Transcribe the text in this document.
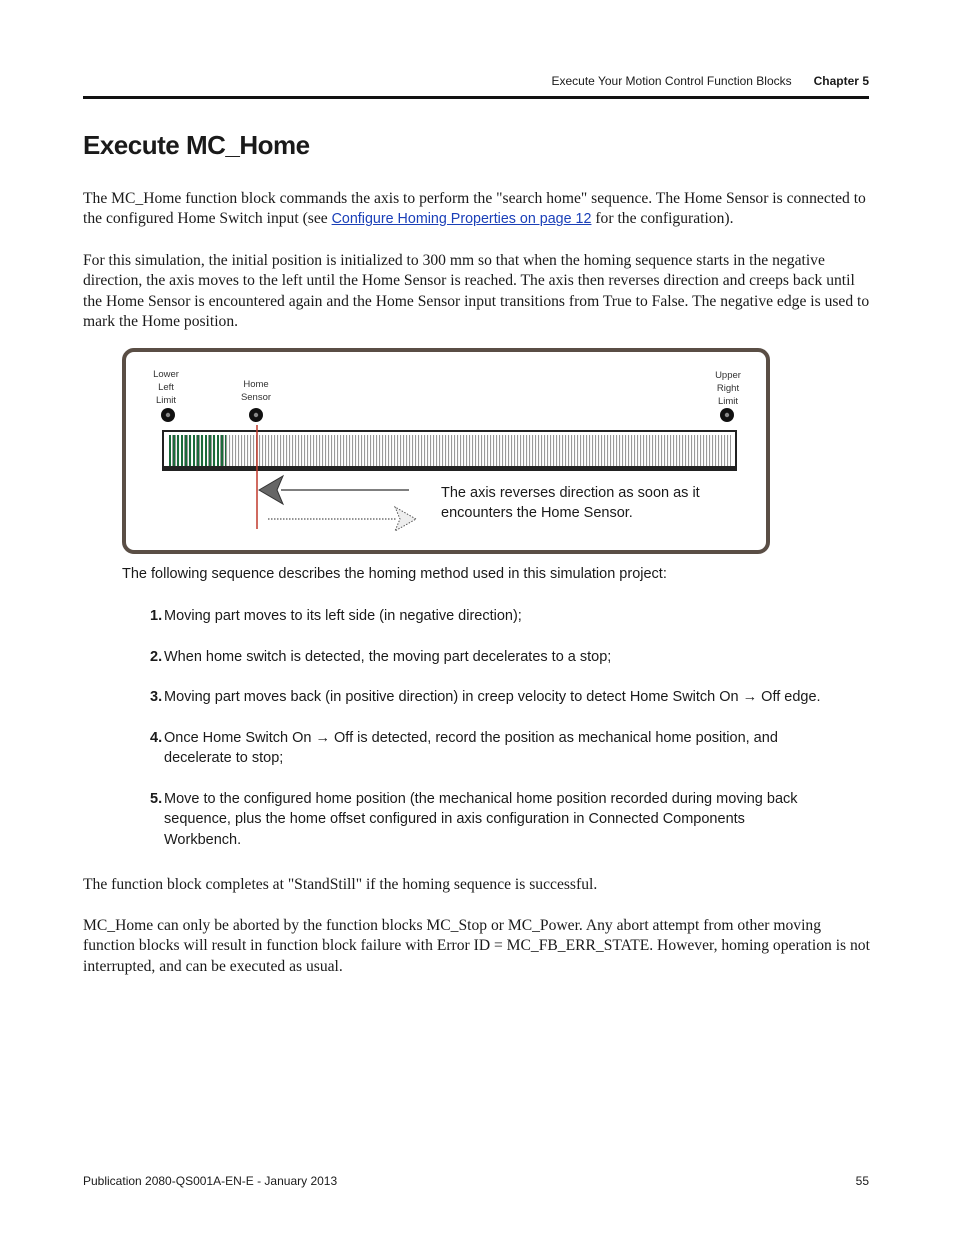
Execute Your Motion Control Function Blocks Chapter 5
Execute MC_Home
The MC_Home function block commands the axis to perform the "search home" sequence. The Home Sensor is connected to the configured Home Switch input (see Configure Homing Properties on page 12 for the configuration).
For this simulation, the initial position is initialized to 300 mm so that when the homing sequence starts in the negative direction, the axis moves to the left until the Home Sensor is reached. The axis then reverses direction and creeps back until the Home Sensor is encountered again and the Home Sensor input transitions from True to False. The negative edge is used to mark the Home position.
Lower
Left
Limit
Home
Sensor
Upper
Right
Limit
The axis reverses direction as soon as it
encounters the Home Sensor.
The following sequence describes the homing method used in this simulation project:
1. Moving part moves to its left side (in negative direction);
2. When home switch is detected, the moving part decelerates to a stop;
3. Moving part moves back (in positive direction) in creep velocity to detect Home Switch On → Off edge.
4. Once Home Switch On → Off is detected, record the position as mechanical home position, and decelerate to stop;
5. Move to the configured home position (the mechanical home position recorded during moving back sequence, plus the home offset configured in axis configuration in Connected Components Workbench.
The function block completes at "StandStill" if the homing sequence is successful.
MC_Home can only be aborted by the function blocks MC_Stop or MC_Power. Any abort attempt from other moving function blocks will result in function block failure with Error ID = MC_FB_ERR_STATE. However, homing operation is not interrupted, and can be executed as usual.
Publication 2080-QS001A-EN-E - January 2013	55
